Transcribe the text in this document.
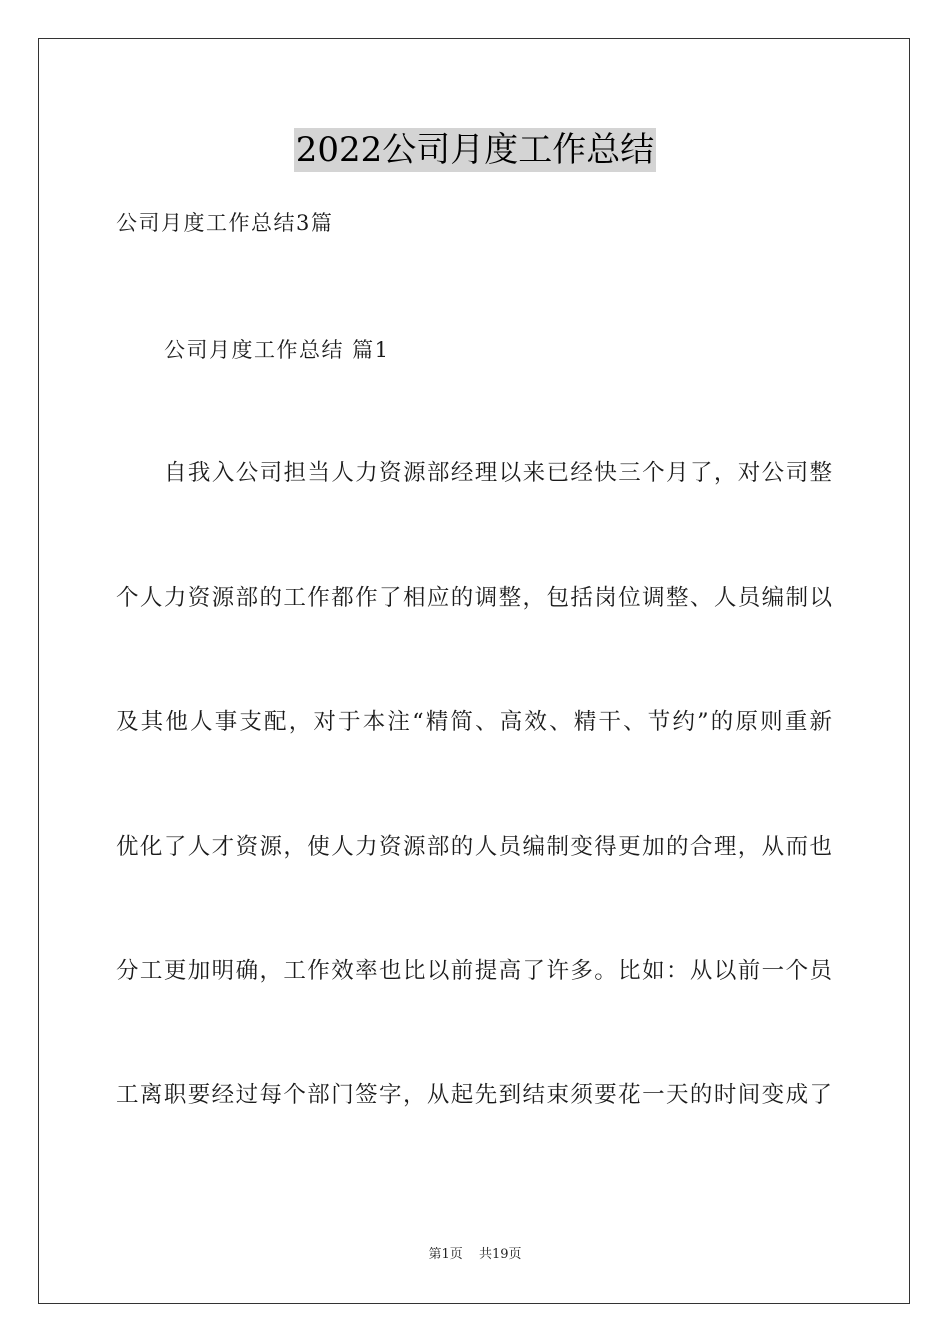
2022公司月度工作总结
公司月度工作总结3篇
公司月度工作总结 篇1
自我入公司担当人力资源部经理以来已经快三个月了，对公司整
个人力资源部的工作都作了相应的调整，包括岗位调整、人员编制以
及其他人事支配，对于本注“精简、高效、精干、节约”的原则重新
优化了人才资源，使人力资源部的人员编制变得更加的合理，从而也
分工更加明确，工作效率也比以前提高了许多。比如：从以前一个员
工离职要经过每个部门签字，从起先到结束须要花一天的时间变成了
第1页 共19页
